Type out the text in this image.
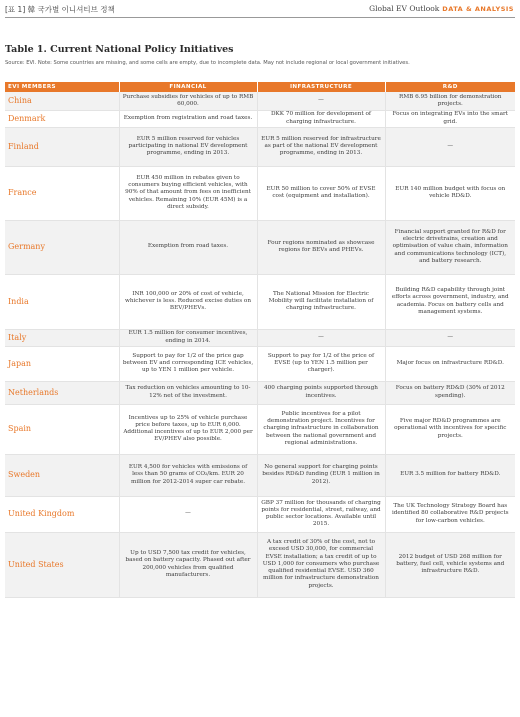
[표 1] 韓 국가별 이니셔티브 정책	Global EV Outlook DATA & ANALYSIS
Table 1. Current National Policy Initiatives
Source: EVI. Note: Some countries are missing, and some cells are empty, due to incomplete data. May not include regional or local government initiatives.
EVI MEMBERS	FINANCIAL	INFRASTRUCTURE	R&D
China	Purchase subsidies for vehicles of up to RMB 60,000.	—	RMB 6.95 billion for demonstration projects.
Denmark	Exemption from registration and road taxes.	DKK 70 million for development of charging infrastructure.	Focus on integrating EVs into the smart grid.
Finland	EUR 5 million reserved for vehicles participating in national EV development programme, ending in 2013.	EUR 5 million reserved for infrastructure as part of the national EV development programme, ending in 2013.	—
France	EUR 450 million in rebates given to consumers buying efficient vehicles, with 90% of that amount from fees on inefficient vehicles. Remaining 10% (EUR 45M) is a direct subsidy.	EUR 50 million to cover 50% of EVSE cost (equipment and installation).	EUR 140 million budget with focus on vehicle RD&D.
Germany	Exemption from road taxes.	Four regions nominated as showcase regions for BEVs and PHEVs.	Financial support granted for R&D for electric drivetrains, creation and optimisation of value chain, information and communications technology (ICT), and battery research.
India	INR 100,000 or 20% of cost of vehicle, whichever is less. Reduced excise duties on BEV/PHEVs.	The National Mission for Electric Mobility will facilitate installation of charging infrastructure.	Building R&D capability through joint efforts across government, industry, and academia. Focus on battery cells and management systems.
Italy	EUR 1.5 million for consumer incentives, ending in 2014.	—	—
Japan	Support to pay for 1/2 of the price gap between EV and corresponding ICE vehicles, up to YEN 1 million per vehicle.	Support to pay for 1/2 of the price of EVSE (up to YEN 1.5 million per charger).	Major focus on infrastructure RD&D.
Netherlands	Tax reduction on vehicles amounting to 10-12% net of the investment.	400 charging points supported through incentives.	Focus on battery RD&D (30% of 2012 spending).
Spain	Incentives up to 25% of vehicle purchase price before taxes, up to EUR 6,000. Additional incentives of up to EUR 2,000 per EV/PHEV also possible.	Public incentives for a pilot demonstration project. Incentives for charging infrastructure in collaboration between the national government and regional administrations.	Five major RD&D programmes are operational with incentives for specific projects.
Sweden	EUR 4,500 for vehicles with emissions of less than 50 grams of CO₂/km. EUR 20 million for 2012-2014 super car rebate.	No general support for charging points besides RD&D funding (EUR 1 million in 2012).	EUR 3.5 million for battery RD&D.
United Kingdom	—	GBP 37 million for thousands of charging points for residential, street, railway, and public sector locations. Available until 2015.	The UK Technology Strategy Board has identified 80 collaborative R&D projects for low-carbon vehicles.
United States	Up to USD 7,500 tax credit for vehicles, based on battery capacity. Phased out after 200,000 vehicles from qualified manufacturers.	A tax credit of 30% of the cost, not to exceed USD 30,000, for commercial EVSE installation; a tax credit of up to USD 1,000 for consumers who purchase qualified residential EVSE. USD 360 million for infrastructure demonstration projects.	2012 budget of USD 268 million for battery, fuel cell, vehicle systems and infrastructure R&D.
